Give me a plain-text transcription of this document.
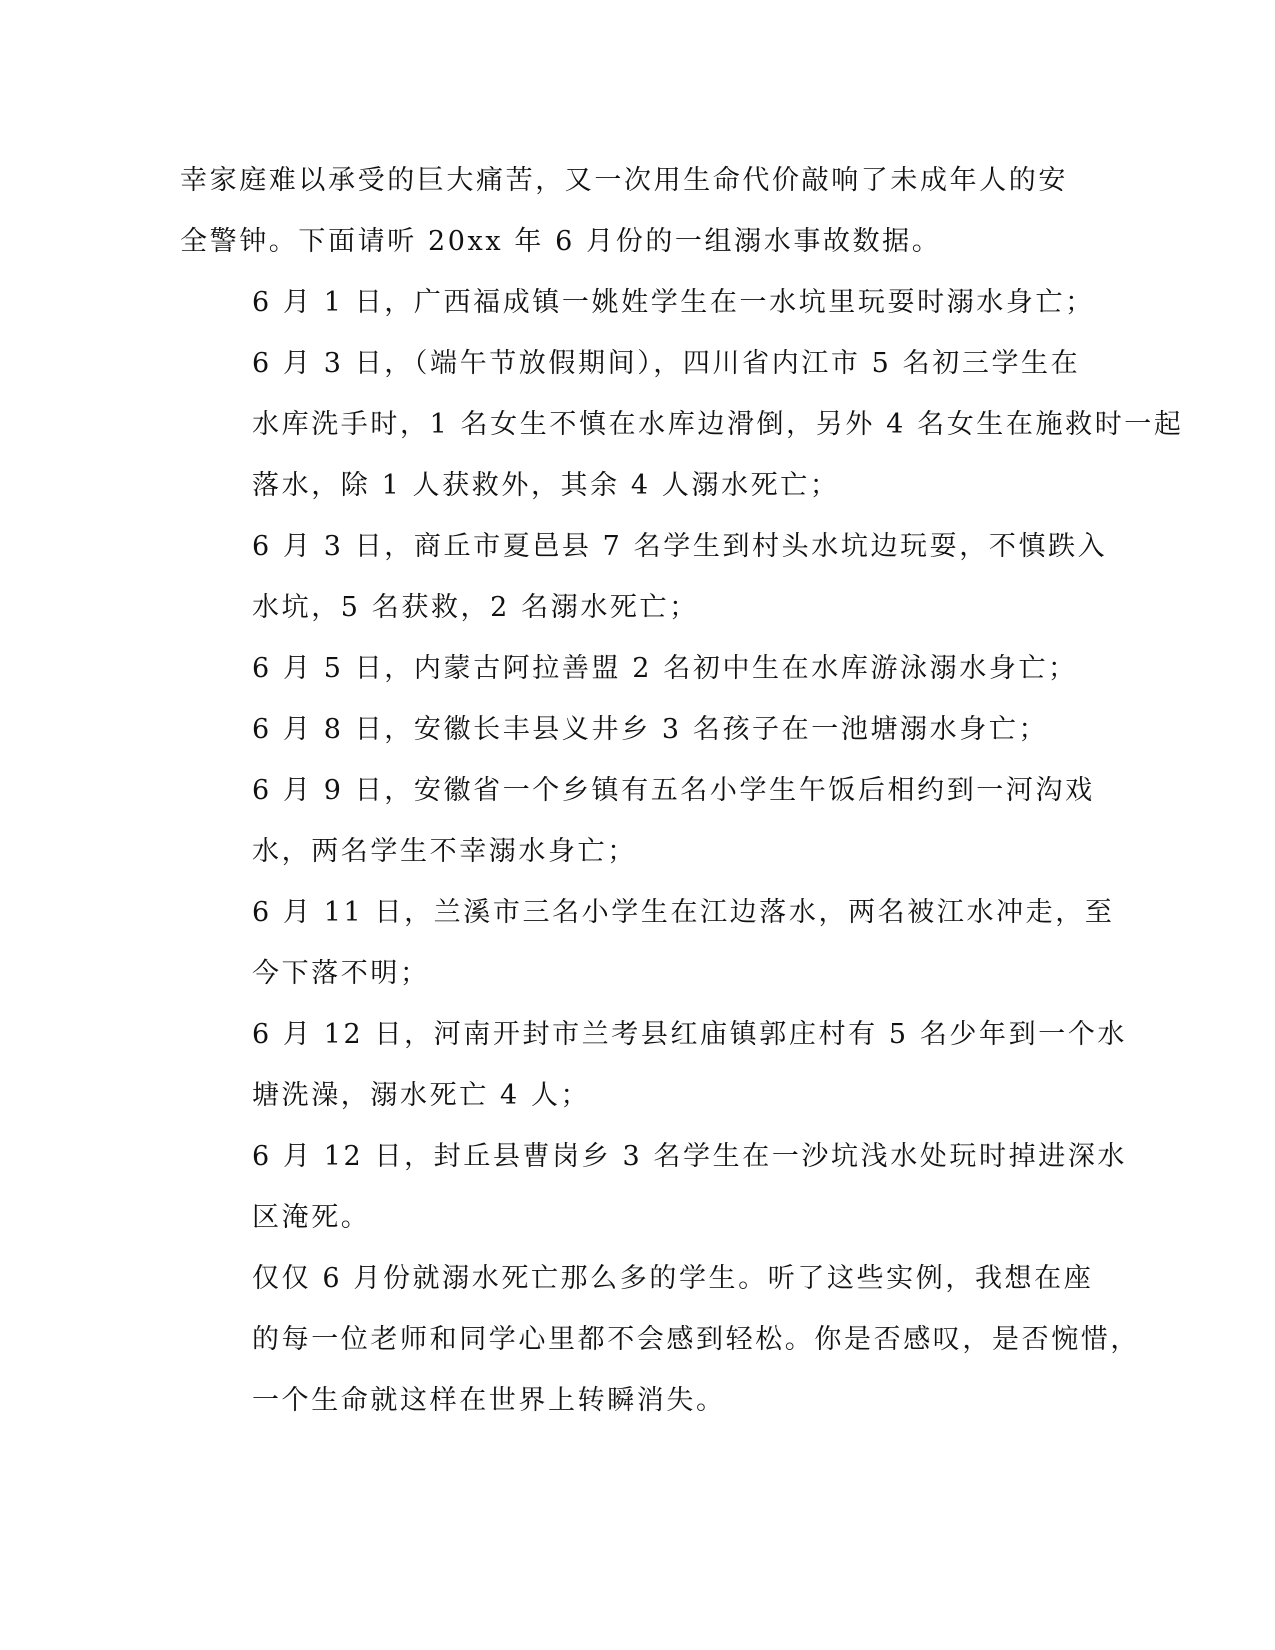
幸家庭难以承受的巨大痛苦，又一次用生命代价敲响了未成年人的安
全警钟。下面请听 20xx 年 6 月份的一组溺水事故数据。

6 月 1 日，广西福成镇一姚姓学生在一水坑里玩耍时溺水身亡；

6 月 3 日，（端午节放假期间），四川省内江市 5 名初三学生在
水库洗手时，1 名女生不慎在水库边滑倒，另外 4 名女生在施救时一起
落水，除 1 人获救外，其余 4 人溺水死亡；

6 月 3 日，商丘市夏邑县 7 名学生到村头水坑边玩耍，不慎跌入
水坑，5 名获救，2 名溺水死亡；

6 月 5 日，内蒙古阿拉善盟 2 名初中生在水库游泳溺水身亡；

6 月 8 日，安徽长丰县义井乡 3 名孩子在一池塘溺水身亡；

6 月 9 日，安徽省一个乡镇有五名小学生午饭后相约到一河沟戏
水，两名学生不幸溺水身亡；

6 月 11 日，兰溪市三名小学生在江边落水，两名被江水冲走，至
今下落不明；

6 月 12 日，河南开封市兰考县红庙镇郭庄村有 5 名少年到一个水
塘洗澡，溺水死亡 4 人；

6 月 12 日，封丘县曹岗乡 3 名学生在一沙坑浅水处玩时掉进深水
区淹死。

仅仅 6 月份就溺水死亡那么多的学生。听了这些实例，我想在座
的每一位老师和同学心里都不会感到轻松。你是否感叹，是否惋惜，
一个生命就这样在世界上转瞬消失。
